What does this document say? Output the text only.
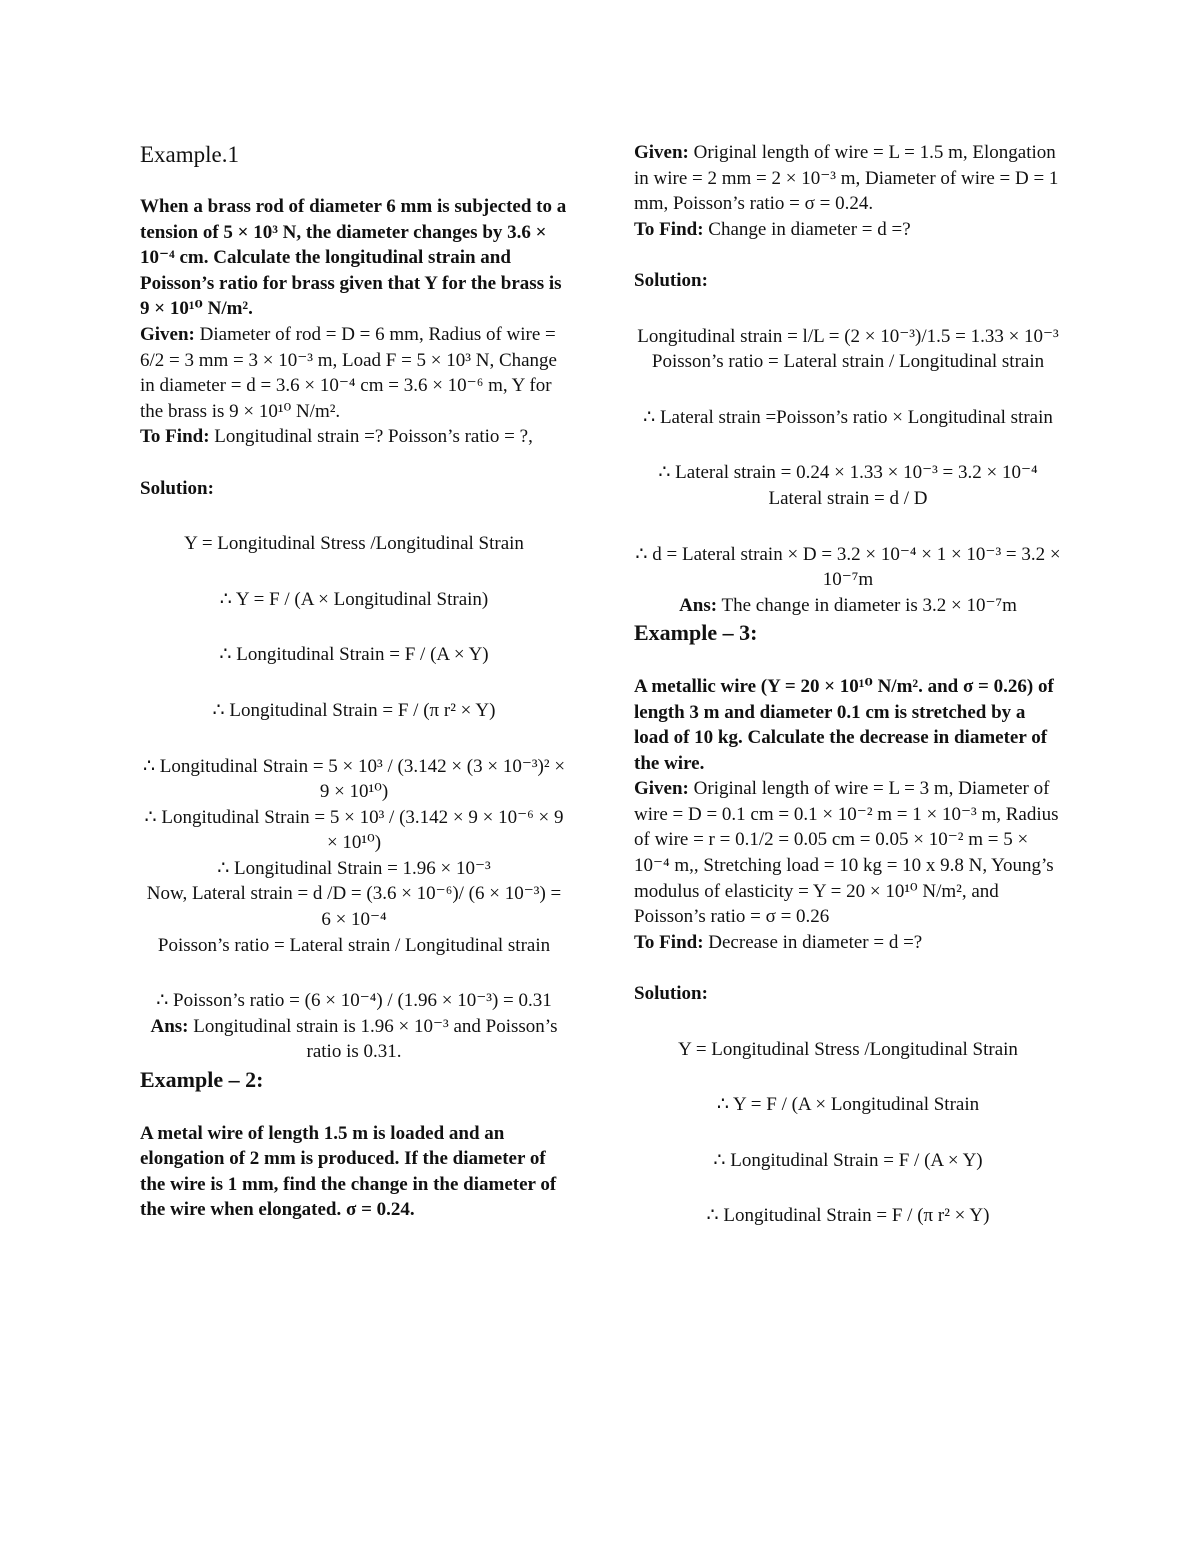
Example.1

When a brass rod of diameter 6 mm is subjected to a tension of 5 × 10³ N, the diameter changes by 3.6 × 10⁻⁴ cm. Calculate the longitudinal strain and Poisson’s ratio for brass given that Y for the brass is 9 × 10¹⁰ N/m².

Given: Diameter of rod = D = 6 mm, Radius of wire = 6/2 = 3 mm = 3 × 10⁻³ m, Load F = 5 × 10³ N, Change in diameter = d = 3.6 × 10⁻⁴ cm = 3.6 × 10⁻⁶ m, Y for the brass is 9 × 10¹⁰ N/m².

To Find: Longitudinal strain =? Poisson’s ratio = ?,

Solution:

Y = Longitudinal Stress /Longitudinal Strain

∴ Y = F / (A × Longitudinal Strain)

∴ Longitudinal Strain = F / (A × Y)

∴ Longitudinal Strain = F / (π r² × Y)

∴ Longitudinal Strain = 5 × 10³ / (3.142 × (3 × 10⁻³)² × 9 × 10¹⁰)

∴ Longitudinal Strain = 5 × 10³ / (3.142 × 9 × 10⁻⁶ × 9 × 10¹⁰)

∴ Longitudinal Strain = 1.96 × 10⁻³

Now, Lateral strain = d /D = (3.6 × 10⁻⁶)/ (6 × 10⁻³) = 6 × 10⁻⁴

Poisson’s ratio = Lateral strain / Longitudinal strain

∴ Poisson’s ratio = (6 × 10⁻⁴) / (1.96 × 10⁻³) = 0.31

Ans: Longitudinal strain is 1.96 × 10⁻³ and Poisson’s ratio is 0.31.

Example – 2:

A metal wire of length 1.5 m is loaded and an elongation of 2 mm is produced. If the diameter of the wire is 1 mm, find the change in the diameter of the wire when elongated. σ = 0.24.

Given: Original length of wire = L = 1.5 m, Elongation in wire = 2 mm = 2 × 10⁻³ m, Diameter of wire = D = 1 mm, Poisson’s ratio = σ = 0.24.

To Find: Change in diameter = d =?

Solution:

Longitudinal strain = l/L = (2 × 10⁻³)/1.5 = 1.33 × 10⁻³

Poisson’s ratio = Lateral strain / Longitudinal strain

∴ Lateral strain =Poisson’s ratio × Longitudinal strain

∴ Lateral strain = 0.24 × 1.33 × 10⁻³ = 3.2 × 10⁻⁴

Lateral strain = d / D

∴ d = Lateral strain × D = 3.2 × 10⁻⁴ × 1 × 10⁻³ = 3.2 × 10⁻⁷m

Ans: The change in diameter is 3.2 × 10⁻⁷m

Example – 3:

A metallic wire (Y = 20 × 10¹⁰ N/m². and σ = 0.26) of length 3 m and diameter 0.1 cm is stretched by a load of 10 kg. Calculate the decrease in diameter of the wire.

Given: Original length of wire = L = 3 m, Diameter of wire = D = 0.1 cm = 0.1 × 10⁻² m = 1 × 10⁻³ m, Radius of wire = r = 0.1/2 = 0.05 cm = 0.05 × 10⁻² m = 5 × 10⁻⁴ m,, Stretching load = 10 kg = 10 x 9.8 N, Young’s modulus of elasticity = Y = 20 × 10¹⁰ N/m², and Poisson’s ratio = σ = 0.26

To Find: Decrease in diameter = d =?

Solution:

Y = Longitudinal Stress /Longitudinal Strain

∴ Y = F / (A × Longitudinal Strain

∴ Longitudinal Strain = F / (A × Y)

∴ Longitudinal Strain = F / (π r² × Y)
